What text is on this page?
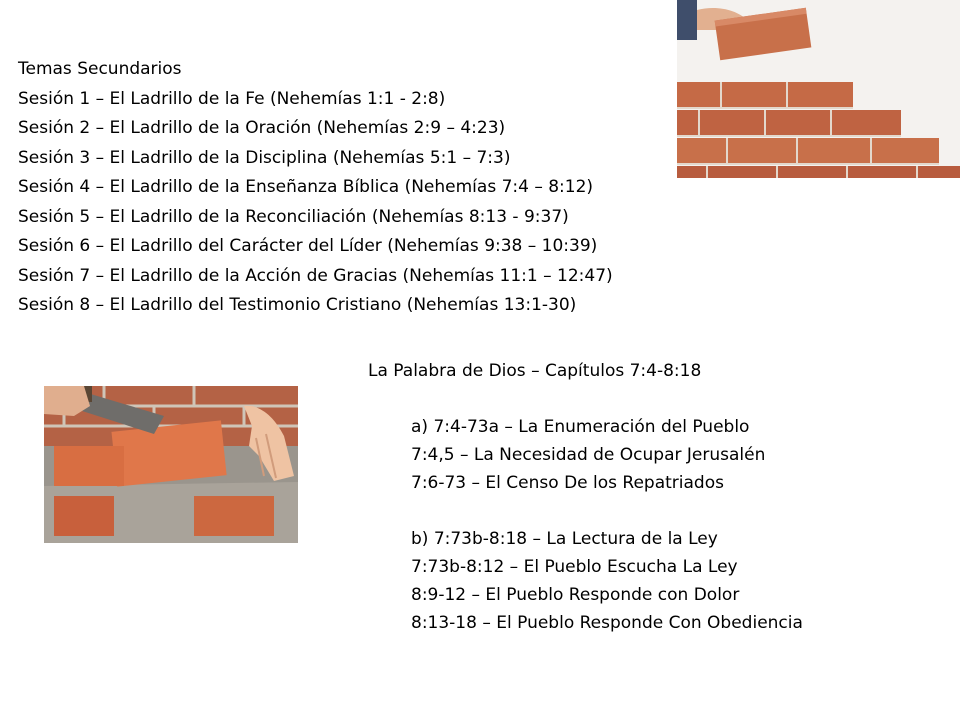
Temas Secundarios
Sesión 1 – El Ladrillo de la Fe (Nehemías 1:1 - 2:8)
Sesión 2 – El Ladrillo de la Oración (Nehemías 2:9 – 4:23)
Sesión 3 – El Ladrillo de la Disciplina (Nehemías 5:1 – 7:3)
Sesión 4 – El Ladrillo de la Enseñanza Bíblica (Nehemías 7:4 – 8:12)
Sesión 5 – El Ladrillo de la Reconciliación (Nehemías 8:13 - 9:37)
Sesión 6 – El Ladrillo del Carácter del Líder (Nehemías 9:38 – 10:39)
Sesión 7 – El Ladrillo de la Acción de Gracias (Nehemías 11:1 – 12:47)
Sesión 8 – El Ladrillo del Testimonio Cristiano (Nehemías 13:1-30)
La Palabra de Dios – Capítulos 7:4-8:18
a) 7:4-73a – La Enumeración del Pueblo
7:4,5 – La Necesidad de Ocupar Jerusalén
7:6-73 – El Censo De los Repatriados
b) 7:73b-8:18 – La Lectura de la Ley
7:73b-8:12 – El Pueblo Escucha La Ley
8:9-12 – El Pueblo Responde con Dolor
8:13-18 – El Pueblo Responde Con Obediencia
